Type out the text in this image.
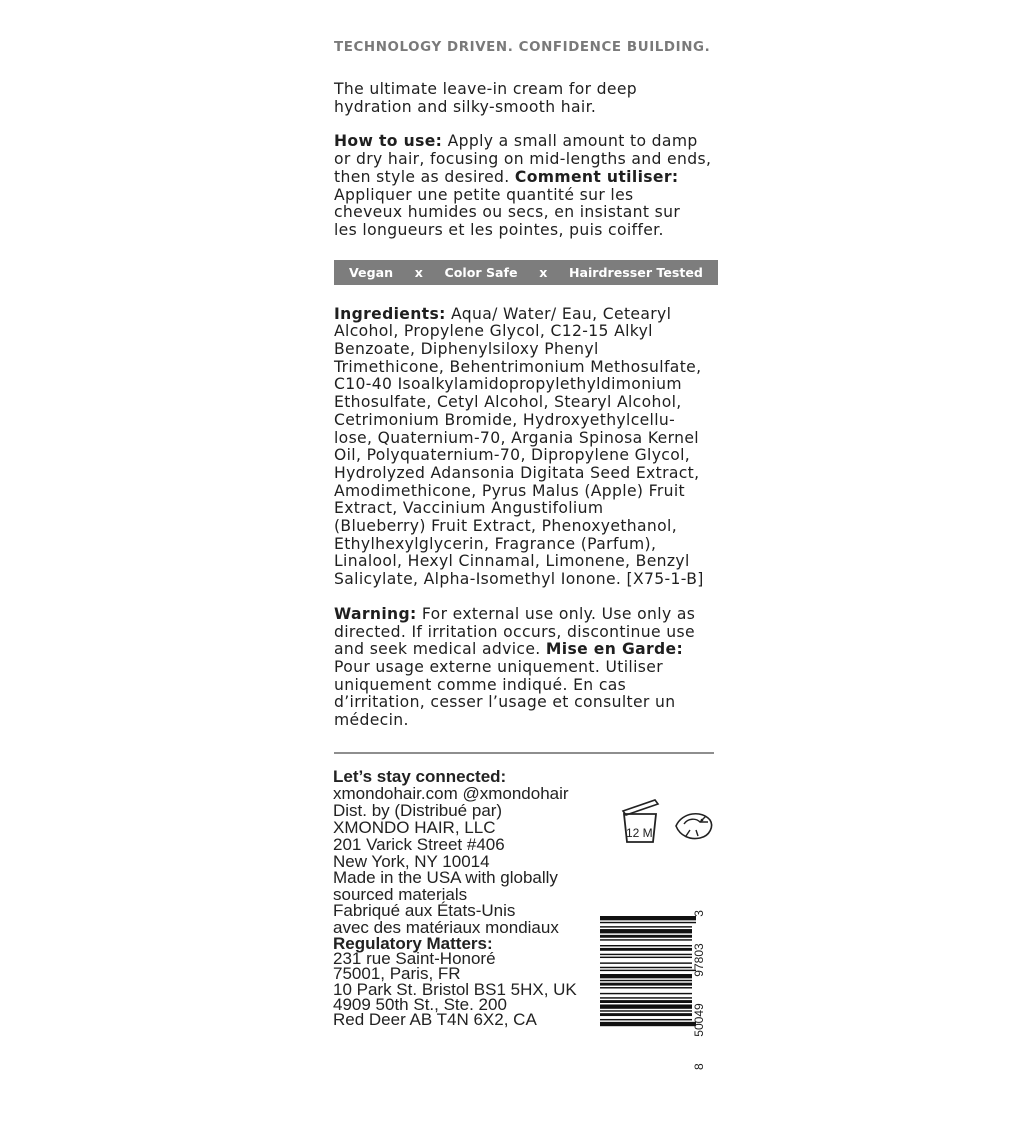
TECHNOLOGY DRIVEN. CONFIDENCE BUILDING.

The ultimate leave-in cream for deep
hydration and silky-smooth hair.

How to use: Apply a small amount to damp
or dry hair, focusing on mid-lengths and ends,
then style as desired. Comment utiliser:
Appliquer une petite quantité sur les
cheveux humides ou secs, en insistant sur
les longueurs et les pointes, puis coiffer.

Vegan x Color Safe x Hairdresser Tested

Ingredients: Aqua/ Water/ Eau, Cetearyl
Alcohol, Propylene Glycol, C12-15 Alkyl
Benzoate, Diphenylsiloxy Phenyl
Trimethicone, Behentrimonium Methosulfate,
C10-40 Isoalkylamidopropylethyldimonium
Ethosulfate, Cetyl Alcohol, Stearyl Alcohol,
Cetrimonium Bromide, Hydroxyethylcellu-
lose, Quaternium-70, Argania Spinosa Kernel
Oil, Polyquaternium-70, Dipropylene Glycol,
Hydrolyzed Adansonia Digitata Seed Extract,
Amodimethicone, Pyrus Malus (Apple) Fruit
Extract, Vaccinium Angustifolium
(Blueberry) Fruit Extract, Phenoxyethanol,
Ethylhexylglycerin, Fragrance (Parfum),
Linalool, Hexyl Cinnamal, Limonene, Benzyl
Salicylate, Alpha-Isomethyl Ionone. [X75-1-B]

Warning: For external use only. Use only as
directed. If irritation occurs, discontinue use
and seek medical advice. Mise en Garde:
Pour usage externe uniquement. Utiliser
uniquement comme indiqué. En cas
d’irritation, cesser l’usage et consulter un
médecin.

Let’s stay connected:
xmondohair.com @xmondohair

Dist. by (Distribué par)
XMONDO HAIR, LLC
201 Varick Street #406
New York, NY 10014

Made in the USA with globally
sourced materials
Fabriqué aux États-Unis
avec des matériaux mondiaux

Regulatory Matters:
231 rue Saint-Honoré
75001, Paris, FR
10 Park St. Bristol BS1 5HX, UK
4909 50th St., Ste. 200
Red Deer AB T4N 6X2, CA

12 M
8
50049
97803
3
